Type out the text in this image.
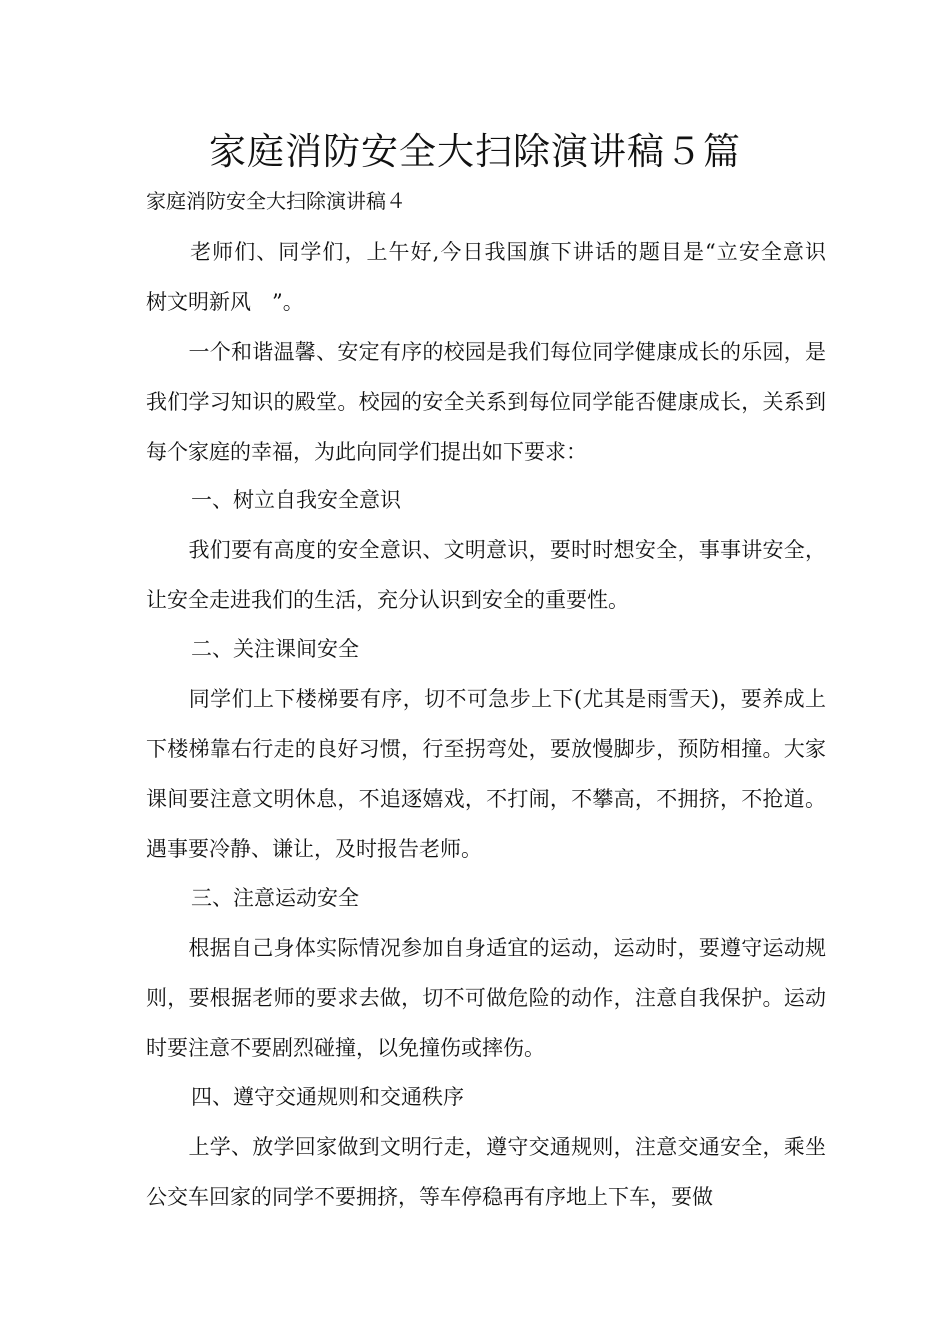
家庭消防安全大扫除演讲稿５篇
家庭消防安全大扫除演讲稿４
　　老师们、同学们，上午好,今日我国旗下讲话的题目是“立安全意识　树文明新风　”。
　　一个和谐温馨、安定有序的校园是我们每位同学健康成长的乐园，是我们学习知识的殿堂。校园的安全关系到每位同学能否健康成长，关系到每个家庭的幸福，为此向同学们提出如下要求：
一、树立自我安全意识
　　我们要有高度的安全意识、文明意识，要时时想安全，事事讲安全，让安全走进我们的生活，充分认识到安全的重要性。
二、关注课间安全
　　同学们上下楼梯要有序，切不可急步上下(尤其是雨雪天)，要养成上下楼梯靠右行走的良好习惯，行至拐弯处，要放慢脚步，预防相撞。大家课间要注意文明休息，不追逐嬉戏，不打闹，不攀高，不拥挤，不抢道。遇事要冷静、谦让，及时报告老师。
三、注意运动安全
　　根据自己身体实际情况参加自身适宜的运动，运动时，要遵守运动规则，要根据老师的要求去做，切不可做危险的动作，注意自我保护。运动时要注意不要剧烈碰撞，以免撞伤或摔伤。
四、遵守交通规则和交通秩序
　　上学、放学回家做到文明行走，遵守交通规则，注意交通安全，乘坐公交车回家的同学不要拥挤，等车停稳再有序地上下车，要做
